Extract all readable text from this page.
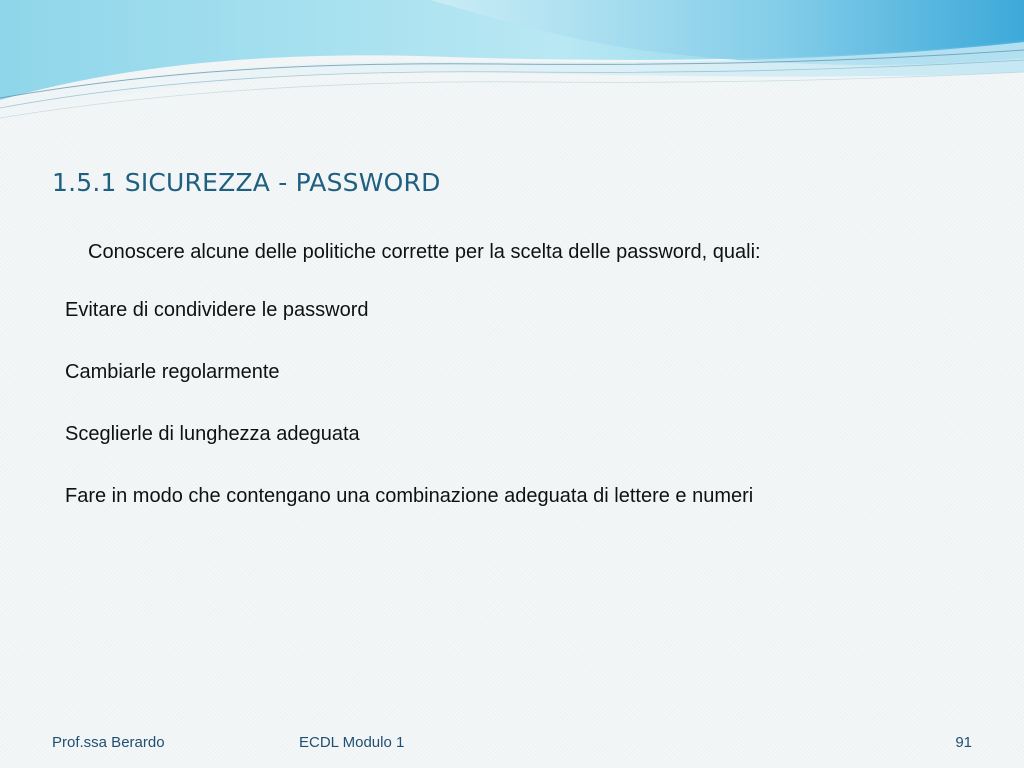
1.5.1 SICUREZZA - PASSWORD

Conoscere alcune delle politiche corrette per la scelta delle password, quali:

Evitare di condividere le password
Cambiarle regolarmente
Sceglierle di lunghezza adeguata
Fare in modo che contengano una combinazione adeguata di lettere e numeri
Prof.ssa Berardo	ECDL Modulo 1	91
